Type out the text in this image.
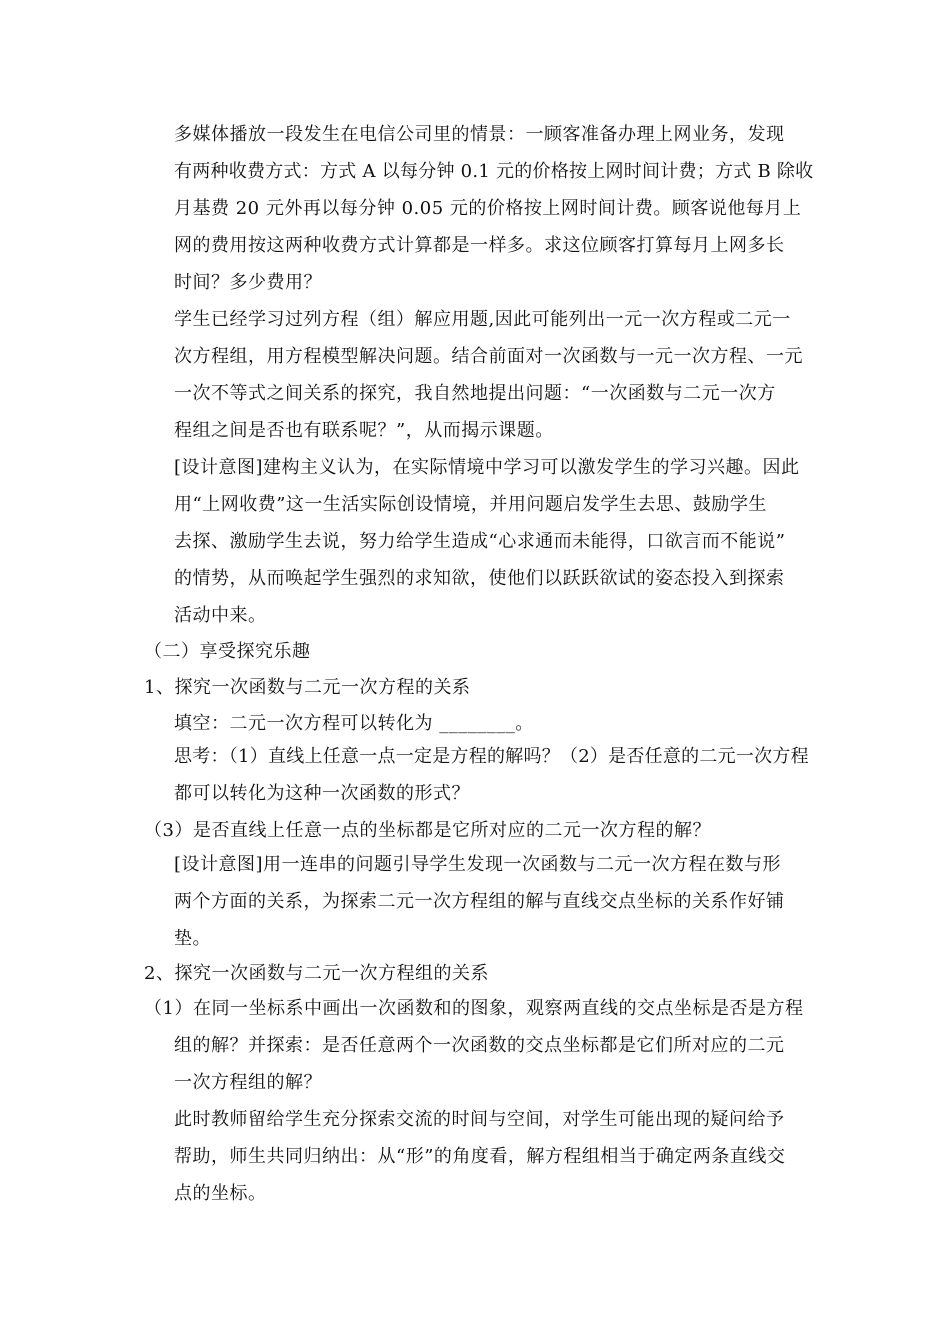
多媒体播放一段发生在电信公司里的情景：一顾客准备办理上网业务，发现
有两种收费方式：方式 A 以每分钟 0.1 元的价格按上网时间计费；方式 B 除收
月基费 20 元外再以每分钟 0.05 元的价格按上网时间计费。顾客说他每月上
网的费用按这两种收费方式计算都是一样多。求这位顾客打算每月上网多长
时间？多少费用？
学生已经学习过列方程（组）解应用题,因此可能列出一元一次方程或二元一
次方程组，用方程模型解决问题。结合前面对一次函数与一元一次方程、一元
一次不等式之间关系的探究，我自然地提出问题：“一次函数与二元一次方
程组之间是否也有联系呢？”，从而揭示课题。
[设计意图]建构主义认为，在实际情境中学习可以激发学生的学习兴趣。因此
用“上网收费”这一生活实际创设情境，并用问题启发学生去思、鼓励学生
去探、激励学生去说，努力给学生造成“心求通而未能得，口欲言而不能说”
的情势，从而唤起学生强烈的求知欲，使他们以跃跃欲试的姿态投入到探索
活动中来。
（二）享受探究乐趣
1、探究一次函数与二元一次方程的关系
填空：二元一次方程可以转化为 ________。
思考：（1）直线上任意一点一定是方程的解吗？（2）是否任意的二元一次方程
都可以转化为这种一次函数的形式？
（3）是否直线上任意一点的坐标都是它所对应的二元一次方程的解？
[设计意图]用一连串的问题引导学生发现一次函数与二元一次方程在数与形
两个方面的关系，为探索二元一次方程组的解与直线交点坐标的关系作好铺
垫。
2、探究一次函数与二元一次方程组的关系
（1）在同一坐标系中画出一次函数和的图象，观察两直线的交点坐标是否是方程
组的解？并探索：是否任意两个一次函数的交点坐标都是它们所对应的二元
一次方程组的解？
此时教师留给学生充分探索交流的时间与空间，对学生可能出现的疑问给予
帮助，师生共同归纳出：从“形”的角度看，解方程组相当于确定两条直线交
点的坐标。
